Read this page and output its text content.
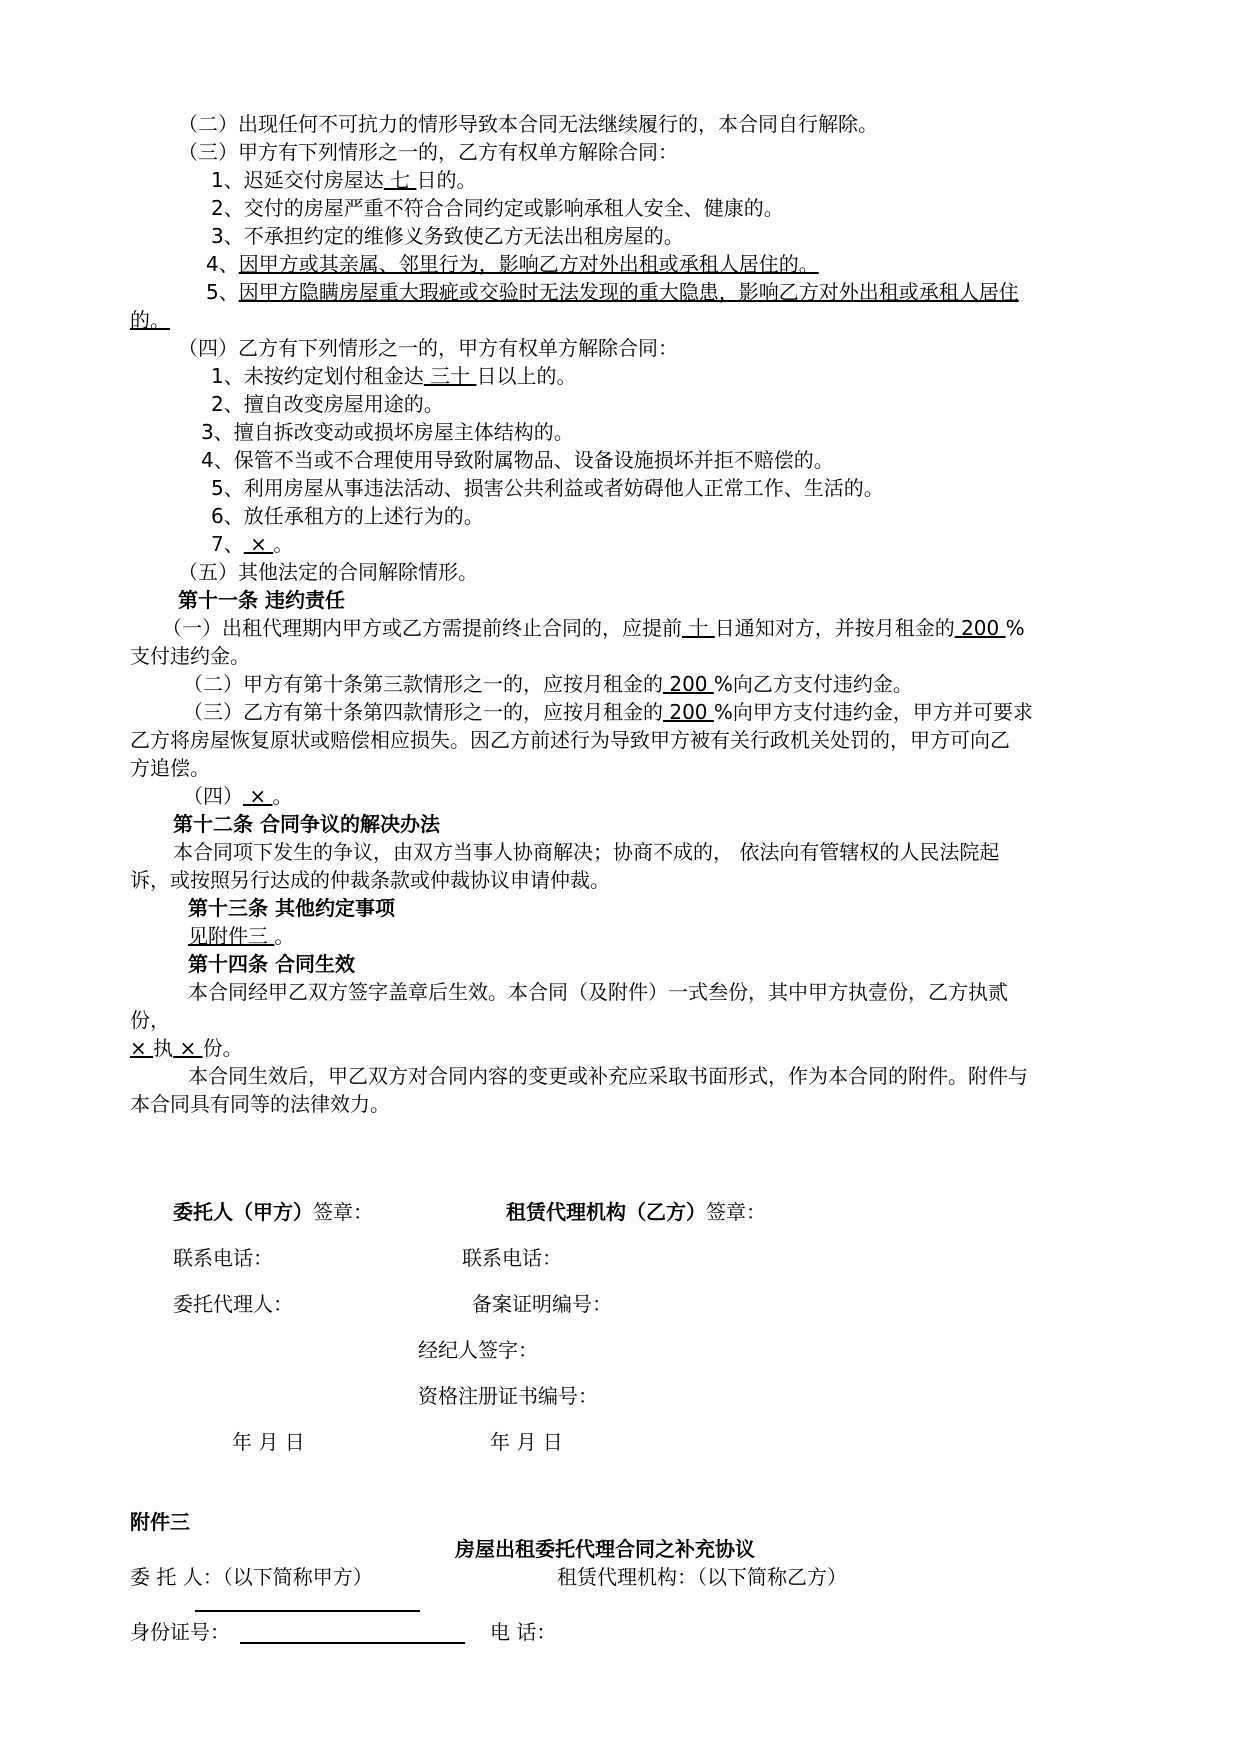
（二）出现任何不可抗力的情形导致本合同无法继续履行的，本合同自行解除。
（三）甲方有下列情形之一的，乙方有权单方解除合同：
1、迟延交付房屋达 七 日的。
2、交付的房屋严重不符合合同约定或影响承租人安全、健康的。
3、不承担约定的维修义务致使乙方无法出租房屋的。
4、因甲方或其亲属、邻里行为，影响乙方对外出租或承租人居住的。
5、因甲方隐瞒房屋重大瑕疵或交验时无法发现的重大隐患，影响乙方对外出租或承租人居住
的。
（四）乙方有下列情形之一的，甲方有权单方解除合同：
1、未按约定划付租金达 三十 日以上的。
2、擅自改变房屋用途的。
3、擅自拆改变动或损坏房屋主体结构的。
4、保管不当或不合理使用导致附属物品、设备设施损坏并拒不赔偿的。
5、利用房屋从事违法活动、损害公共利益或者妨碍他人正常工作、生活的。
6、放任承租方的上述行为的。
7、 × 。
（五）其他法定的合同解除情形。
第十一条 违约责任
（一）出租代理期内甲方或乙方需提前终止合同的，应提前 十 日通知对方，并按月租金的 200 %
支付违约金。
（二）甲方有第十条第三款情形之一的，应按月租金的 200 %向乙方支付违约金。
（三）乙方有第十条第四款情形之一的，应按月租金的 200 %向甲方支付违约金，甲方并可要求
乙方将房屋恢复原状或赔偿相应损失。因乙方前述行为导致甲方被有关行政机关处罚的，甲方可向乙
方追偿。
（四） × 。
第十二条 合同争议的解决办法
本合同项下发生的争议，由双方当事人协商解决；协商不成的， 依法向有管辖权的人民法院起
诉，或按照另行达成的仲裁条款或仲裁协议申请仲裁。
第十三条 其他约定事项
见附件三 。
第十四条 合同生效
本合同经甲乙双方签字盖章后生效。本合同（及附件）一式叁份，其中甲方执壹份，乙方执贰
份，
× 执 × 份。
本合同生效后，甲乙双方对合同内容的变更或补充应采取书面形式，作为本合同的附件。附件与
本合同具有同等的法律效力。
委托人（甲方）签章：	租赁代理机构（乙方）签章：
联系电话：	联系电话：
委托代理人：	备案证明编号：
经纪人签字：
资格注册证书编号：
年 月 日	年 月 日
附件三
房屋出租委托代理合同之补充协议
委 托 人：（以下简称甲方）	租赁代理机构：（以下简称乙方）
身份证号：	电 话：
